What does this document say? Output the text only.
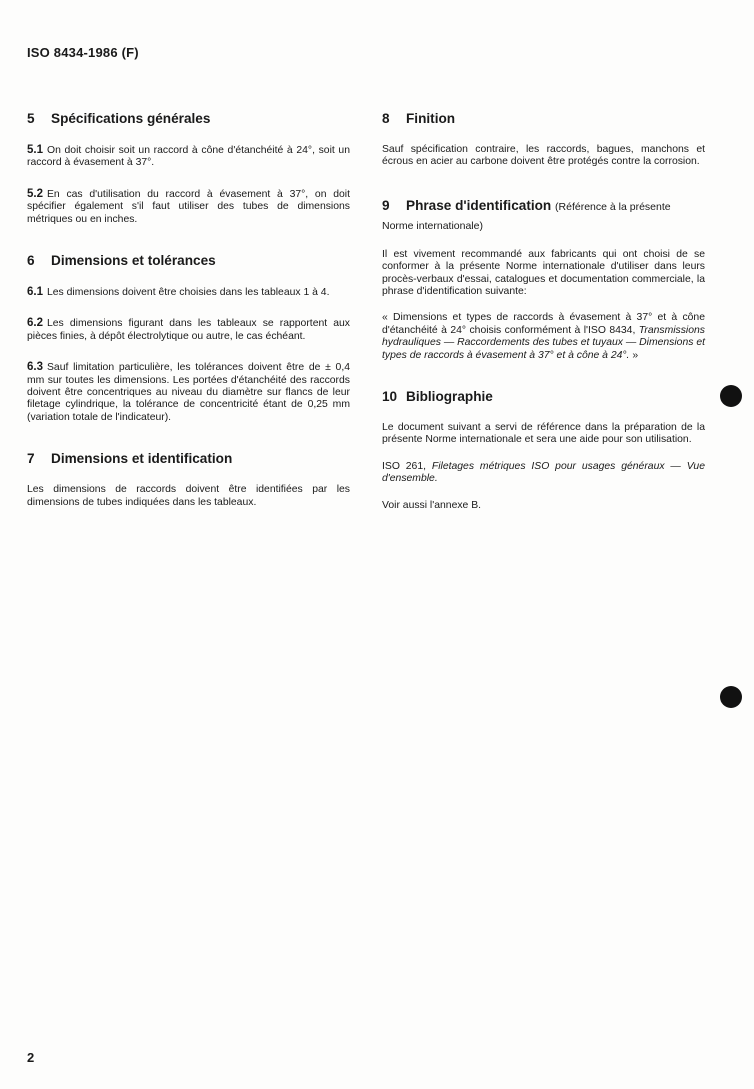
ISO 8434-1986 (F)
5 Spécifications générales

5.1 On doit choisir soit un raccord à cône d'étanchéité à 24°, soit un raccord à évasement à 37°.

5.2 En cas d'utilisation du raccord à évasement à 37°, on doit spécifier également s'il faut utiliser des tubes de dimensions métriques ou en inches.

6 Dimensions et tolérances

6.1 Les dimensions doivent être choisies dans les tableaux 1 à 4.

6.2 Les dimensions figurant dans les tableaux se rapportent aux pièces finies, à dépôt électrolytique ou autre, le cas échéant.

6.3 Sauf limitation particulière, les tolérances doivent être de ± 0,4 mm sur toutes les dimensions. Les portées d'étanchéité des raccords doivent être concentriques au niveau du diamètre sur flancs de leur filetage cylindrique, la tolérance de concentricité étant de 0,25 mm (variation totale de l'indicateur).

7 Dimensions et identification

Les dimensions de raccords doivent être identifiées par les dimensions de tubes indiquées dans les tableaux.

8 Finition

Sauf spécification contraire, les raccords, bagues, manchons et écrous en acier au carbone doivent être protégés contre la corrosion.

9 Phrase d'identification (Référence à la présente Norme internationale)

Il est vivement recommandé aux fabricants qui ont choisi de se conformer à la présente Norme internationale d'utiliser dans leurs procès-verbaux d'essai, catalogues et documentation commerciale, la phrase d'identification suivante:

« Dimensions et types de raccords à évasement à 37° et à cône d'étanchéité à 24° choisis conformément à l'ISO 8434, Transmissions hydrauliques — Raccordements des tubes et tuyaux — Dimensions et types de raccords à évasement à 37° et à cône à 24°. »

10 Bibliographie

Le document suivant a servi de référence dans la préparation de la présente Norme internationale et sera une aide pour son utilisation.

ISO 261, Filetages métriques ISO pour usages généraux — Vue d'ensemble.

Voir aussi l'annexe B.

2
